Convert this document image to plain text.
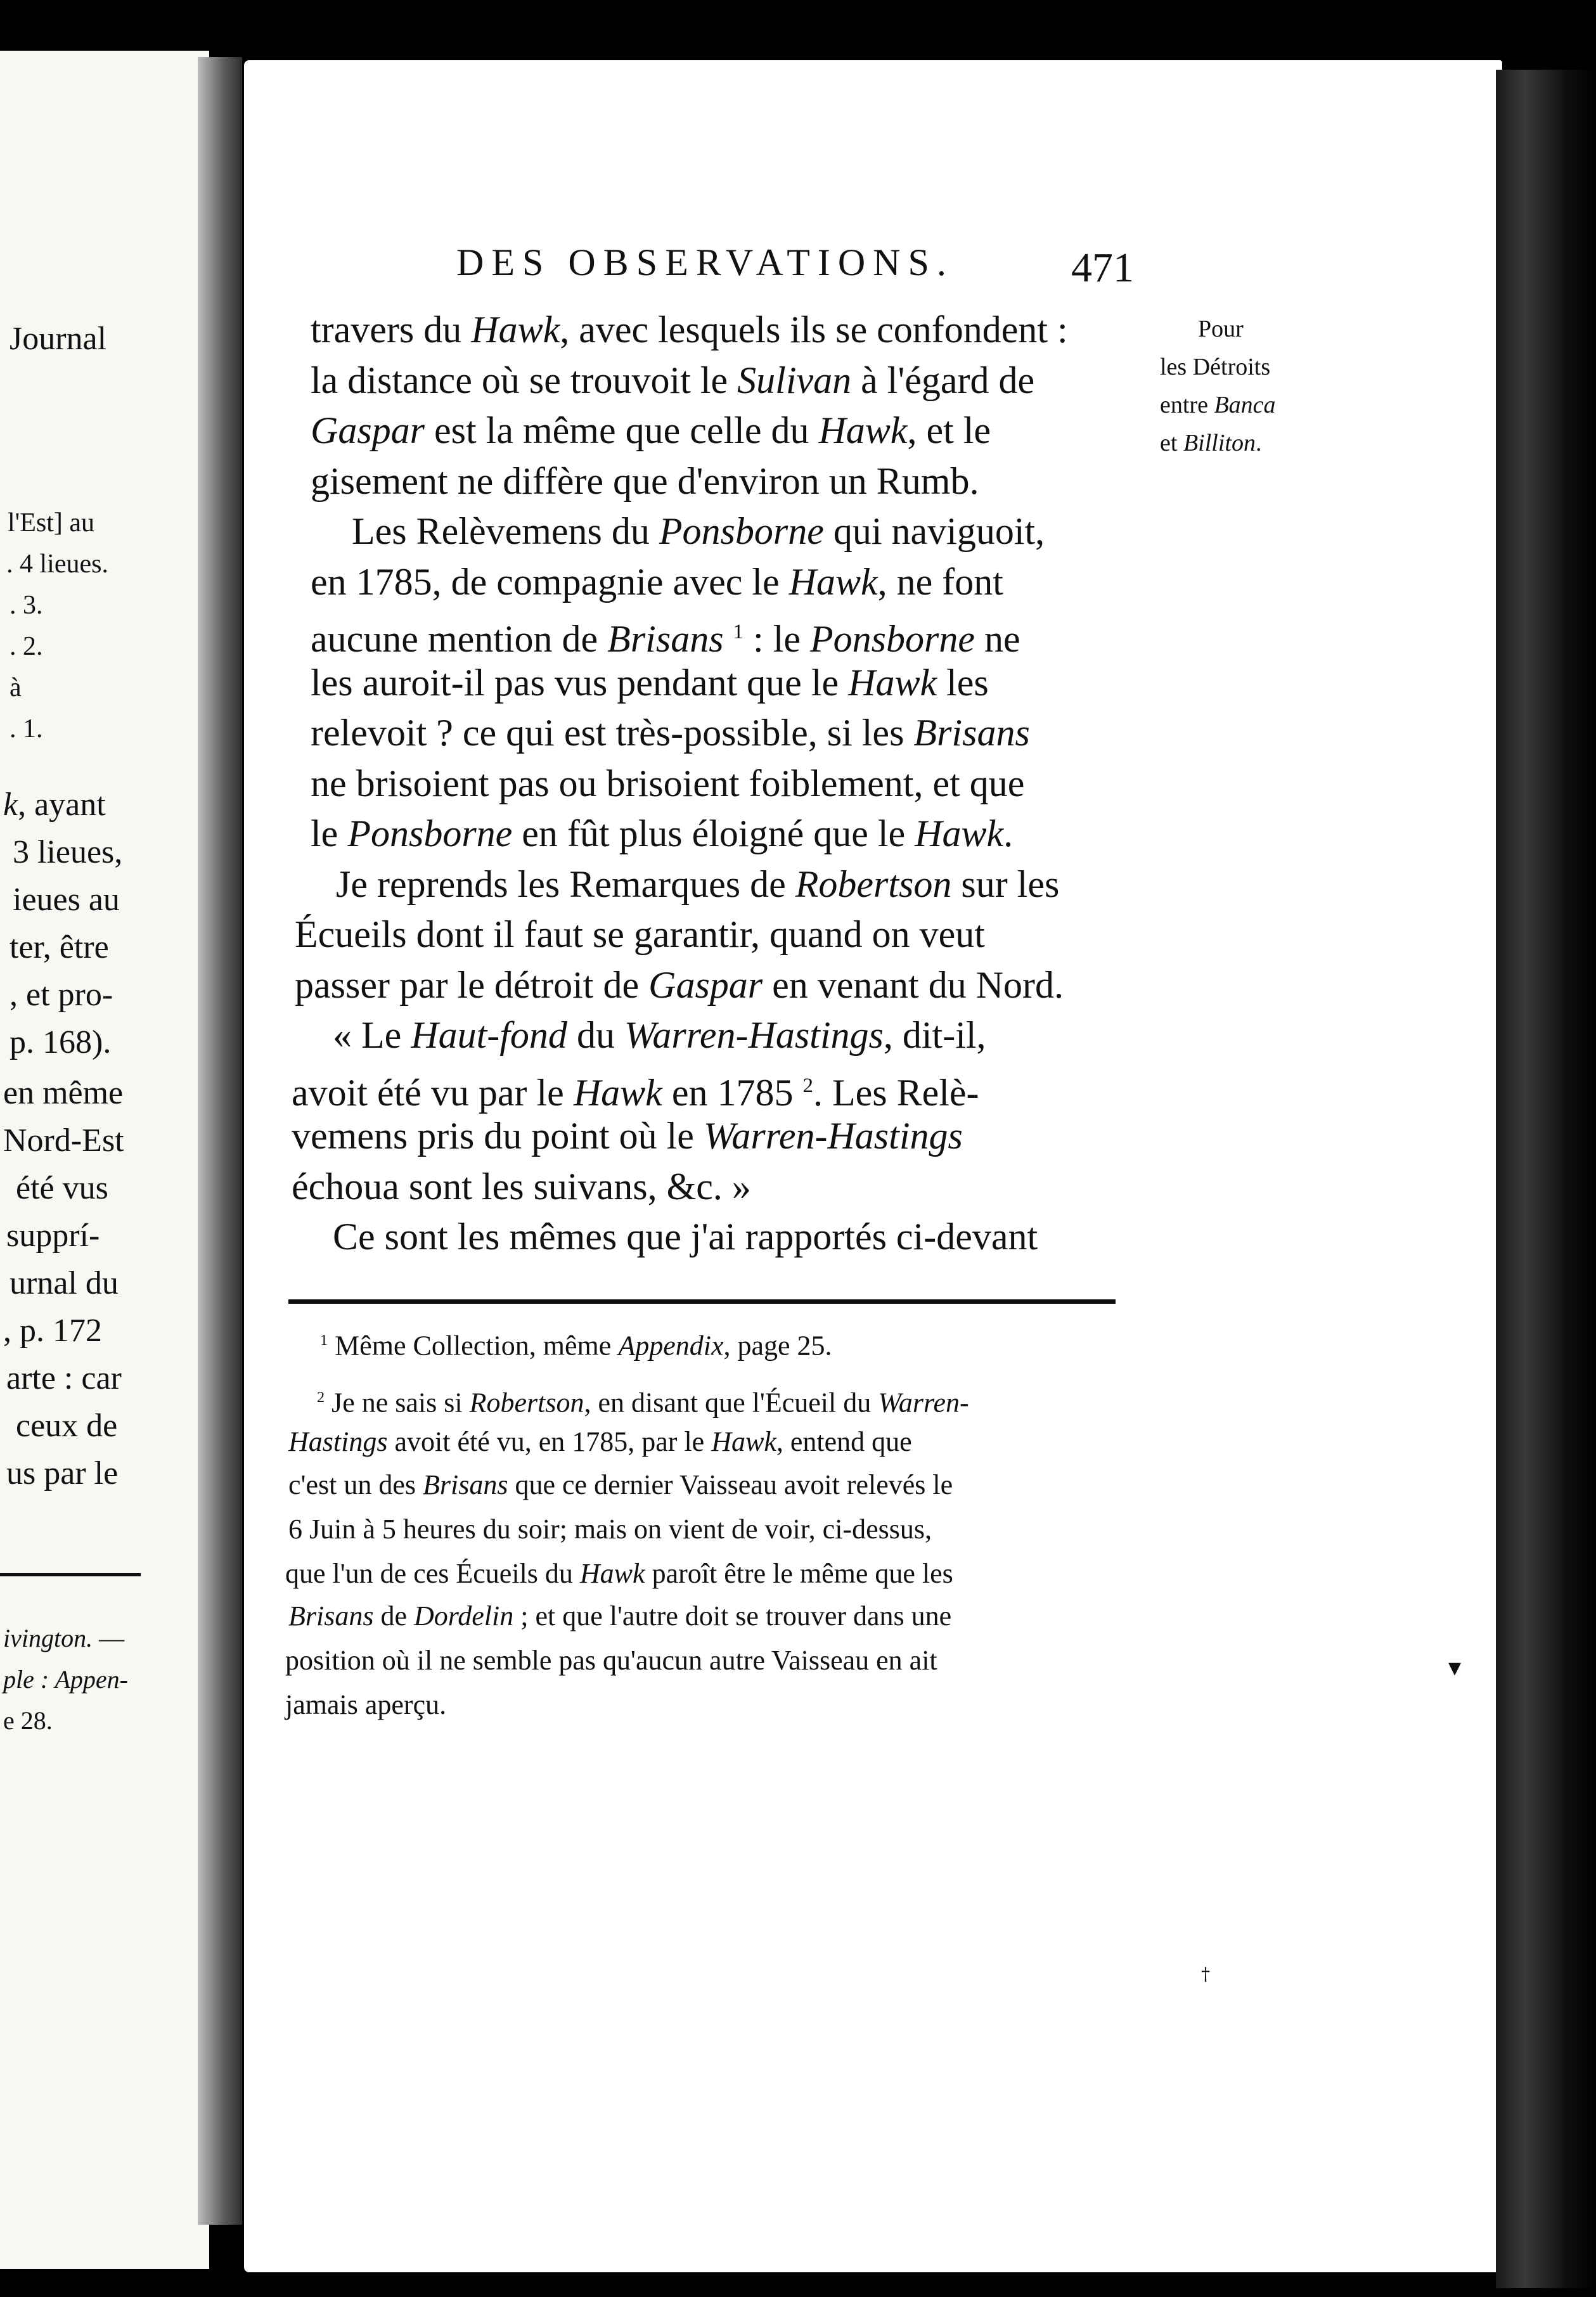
DES OBSERVATIONS.	471
travers du Hawk, avec lesquels ils se confondent :
la distance où se trouvoit le Sulivan à l'égard de
Gaspar est la même que celle du Hawk, et le
gisement ne diffère que d'environ un Rumb.
Les Relèvemens du Ponsborne qui naviguoit,
en 1785, de compagnie avec le Hawk, ne font
aucune mention de Brisans $^1$ : le Ponsborne ne
les auroit-il pas vus pendant que le Hawk les
relevoit ? ce qui est très-possible, si les Brisans
ne brisoient pas ou brisoient foiblement, et que
le Ponsborne en fût plus éloigné que le Hawk.
Je reprends les Remarques de Robertson sur les
Écueils dont il faut se garantir, quand on veut
passer par le détroit de Gaspar en venant du Nord.
« Le Haut-fond du Warren-Hastings, dit-il,
avoit été vu par le Hawk en 1785 $^2$. Les Relè-
vemens pris du point où le Warren-Hastings
échoua sont les suivans, &c. »
Ce sont les mêmes que j'ai rapportés ci-devant
Pour
les Détroits
entre Banca
et Billiton.
$^1$ Même Collection, même Appendix, page 25.
$^2$ Je ne sais si Robertson, en disant que l'Écueil du Warren-
Hastings avoit été vu, en 1785, par le Hawk, entend que
c'est un des Brisans que ce dernier Vaisseau avoit relevés le
6 Juin à 5 heures du soir; mais on vient de voir, ci-dessus,
que l'un de ces Écueils du Hawk paroît être le même que les
Brisans de Dordelin ; et que l'autre doit se trouver dans une
position où il ne semble pas qu'aucun autre Vaisseau en ait
jamais aperçu.
Journal
l'Est] au
. 4 lieues.
. 3.
. 2.
à
. 1.
k, ayant
3 lieues,
ieues au
ter, être
, et pro-
p. 168).
en même
Nord-Est
été vus
supprí-
urnal du
, p. 172
arte : car
ceux de
us par le
ivington. —
ple : Appen-
e 28.
▾
†
